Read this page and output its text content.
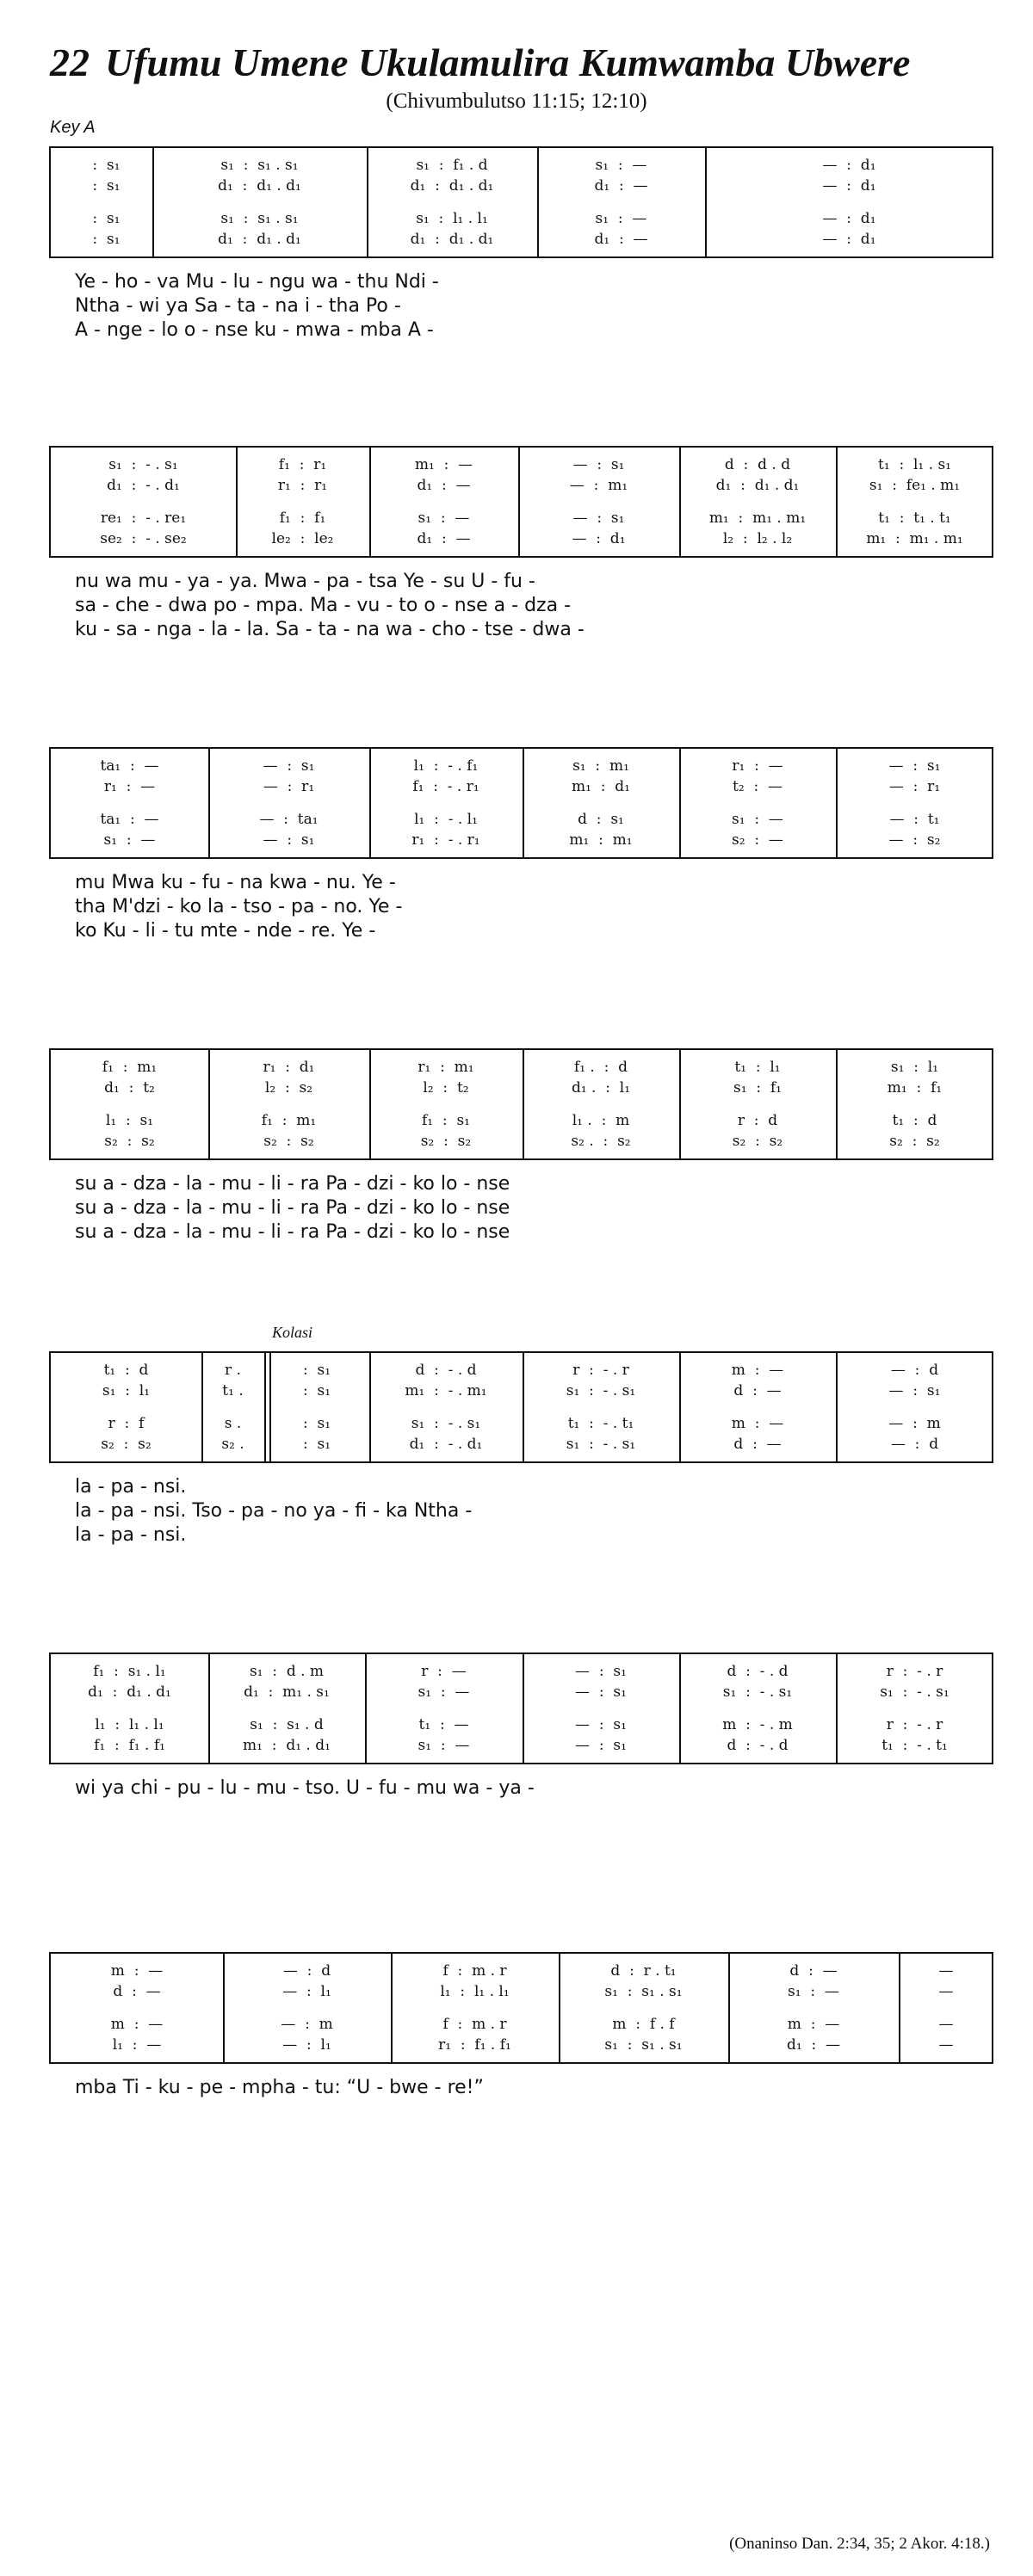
22 Ufumu Umene Ukulamulira Kumwamba Ubwere
(Chivumbulutso 11:15; 12:10)
Key A
:  s₁
:  s₁
:  s₁
:  s₁
s₁  :  s₁ . s₁
d₁  :  d₁ . d₁
s₁  :  s₁ . s₁
d₁  :  d₁ . d₁
s₁  :  f₁ . d
d₁  :  d₁ . d₁
s₁  :  l₁ . l₁
d₁  :  d₁ . d₁
s₁  :  —
d₁  :  —
s₁  :  —
d₁  :  —
—  :  d₁
—  :  d₁
—  :  d₁
—  :  d₁
Ye - ho - va Mu - lu - ngu wa - thu Ndi -
Ntha - wi ya Sa - ta - na i - tha Po -
A - nge - lo o - nse ku - mwa - mba A -
s₁  :  - . s₁
d₁  :  - . d₁
re₁  :  - . re₁
se₂  :  - . se₂
f₁  :  r₁
r₁  :  r₁
f₁  :  f₁
le₂  :  le₂
m₁  :  —
d₁  :  —
s₁  :  —
d₁  :  —
—  :  s₁
—  :  m₁
—  :  s₁
—  :  d₁
d  :  d . d
d₁  :  d₁ . d₁
m₁  :  m₁ . m₁
l₂  :  l₂ . l₂
t₁  :  l₁ . s₁
s₁  :  fe₁ . m₁
t₁  :  t₁ . t₁
m₁  :  m₁ . m₁
nu wa mu - ya - ya. Mwa - pa - tsa Ye - su U - fu -
sa - che - dwa po - mpa. Ma - vu - to o - nse a - dza -
ku - sa - nga - la - la. Sa - ta - na wa - cho - tse - dwa -
ta₁  :  —
r₁  :  —
ta₁  :  —
s₁  :  —
—  :  s₁
—  :  r₁
—  :  ta₁
—  :  s₁
l₁  :  - . f₁
f₁  :  - . r₁
l₁  :  - . l₁
r₁  :  - . r₁
s₁  :  m₁
m₁  :  d₁
d  :  s₁
m₁  :  m₁
r₁  :  —
t₂  :  —
s₁  :  —
s₂  :  —
—  :  s₁
—  :  r₁
—  :  t₁
—  :  s₂
mu Mwa ku - fu - na kwa - nu. Ye -
tha M'dzi - ko la - tso - pa - no. Ye -
ko Ku - li - tu mte - nde - re. Ye -
f₁  :  m₁
d₁  :  t₂
l₁  :  s₁
s₂  :  s₂
r₁  :  d₁
l₂  :  s₂
f₁  :  m₁
s₂  :  s₂
r₁  :  m₁
l₂  :  t₂
f₁  :  s₁
s₂  :  s₂
f₁ .  :  d
d₁ .  :  l₁
l₁ .  :  m
s₂ .  :  s₂
t₁  :  l₁
s₁  :  f₁
r  :  d
s₂  :  s₂
s₁  :  l₁
m₁  :  f₁
t₁  :  d
s₂  :  s₂
su a - dza - la - mu - li - ra Pa - dzi - ko lo - nse
su a - dza - la - mu - li - ra Pa - dzi - ko lo - nse
su a - dza - la - mu - li - ra Pa - dzi - ko lo - nse
t₁  :  d
s₁  :  l₁
r  :  f
s₂  :  s₂
r .
t₁ .
s .
s₂ .
:  s₁
:  s₁
:  s₁
:  s₁
d  :  - . d
m₁  :  - . m₁
s₁  :  - . s₁
d₁  :  - . d₁
r  :  - . r
s₁  :  - . s₁
t₁  :  - . t₁
s₁  :  - . s₁
m  :  —
d  :  —
m  :  —
d  :  —
—  :  d
—  :  s₁
—  :  m
—  :  d
la - pa - nsi.
la - pa - nsi. Tso - pa - no ya - fi - ka Ntha -
la - pa - nsi.
f₁  :  s₁ . l₁
d₁  :  d₁ . d₁
l₁  :  l₁ . l₁
f₁  :  f₁ . f₁
s₁  :  d . m
d₁  :  m₁ . s₁
s₁  :  s₁ . d
m₁  :  d₁ . d₁
r  :  —
s₁  :  —
t₁  :  —
s₁  :  —
—  :  s₁
—  :  s₁
—  :  s₁
—  :  s₁
d  :  - . d
s₁  :  - . s₁
m  :  - . m
d  :  - . d
r  :  - . r
s₁  :  - . s₁
r  :  - . r
t₁  :  - . t₁
wi ya chi - pu - lu - mu - tso. U - fu - mu wa - ya -
m  :  —
d  :  —
m  :  —
l₁  :  —
—  :  d
—  :  l₁
—  :  m
—  :  l₁
f  :  m . r
l₁  :  l₁ . l₁
f  :  m . r
r₁  :  f₁ . f₁
d  :  r . t₁
s₁  :  s₁ . s₁
m  :  f . f
s₁  :  s₁ . s₁
d  :  —
s₁  :  —
m  :  —
d₁  :  —
—
—
—
—
mba Ti - ku - pe - mpha - tu: “U - bwe - re!”
Kolasi
(Onaninso Dan. 2:34, 35; 2 Akor. 4:18.)
